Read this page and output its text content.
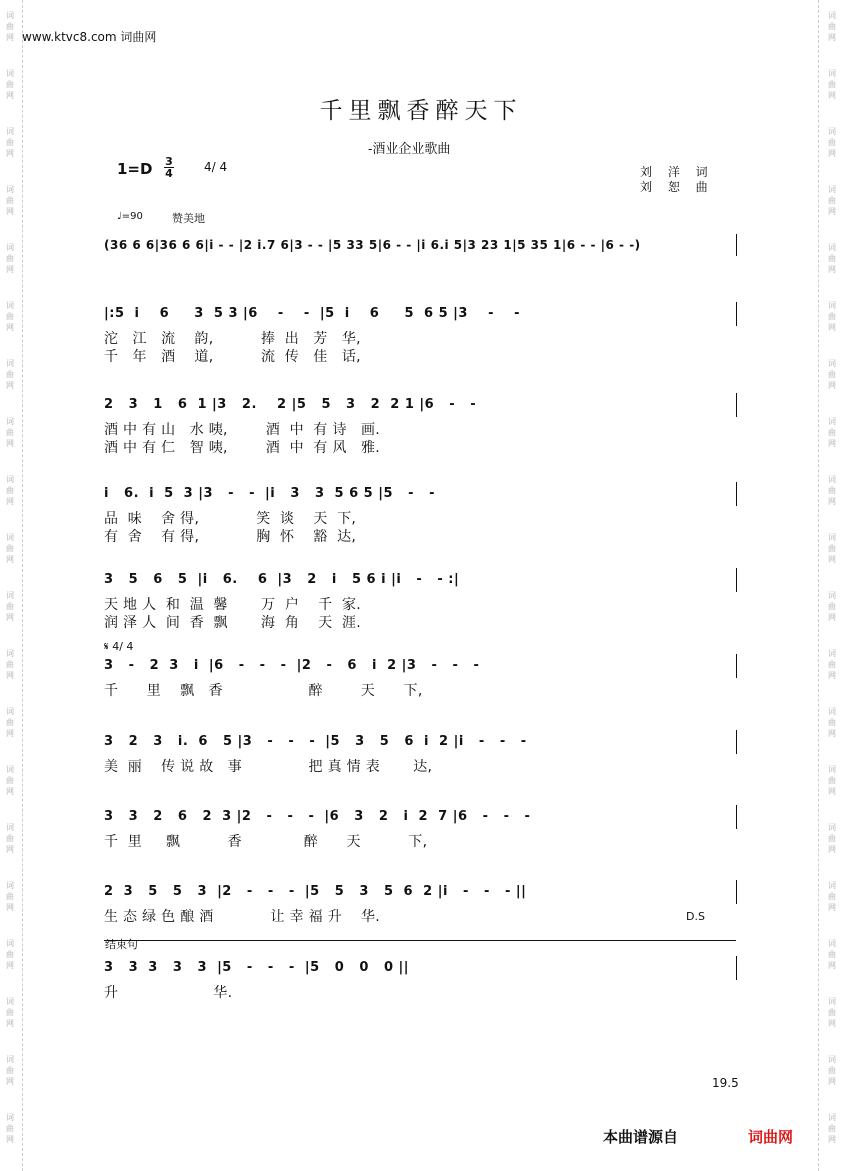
词曲网
词曲网
词曲网
词曲网
词曲网
词曲网
词曲网
词曲网
词曲网
词曲网
词曲网
词曲网
词曲网
词曲网
词曲网
词曲网
词曲网
词曲网
词曲网
词曲网
词曲网
词曲网
词曲网
词曲网
词曲网
词曲网
词曲网
词曲网
词曲网
词曲网
词曲网
词曲网
词曲网
词曲网
词曲网
词曲网
词曲网
词曲网
词曲网
词曲网
www.ktvc8.com 词曲网
千里飘香醉天下
-酒业企业歌曲
$1=D \frac{3}{4}$	4/ 4	刘 洋 词
刘 恕 曲
♩=90	赞美地
(36 6 6|36 6 6|i - - |2 i.7 6|3 - - |5 33 5|6 - - |i 6.i 5|3 23 1|5 35 1|6 - - |6 - -)
|:5  i    6     3  5 3 |6    -    -  |5  i    6     5  6 5 |3    -    -
沱   江   流    韵,          捧  出   芳   华,
千   年   酒    道,          流  传   佳   话,
2   3   1   6  1 |3   2.    2 |5   5   3   2  2 1 |6   -   -
酒 中 有 山   水 咦,        酒  中  有 诗   画.
酒 中 有 仁   智 咦,        酒  中  有 风   雅.
i   6.  i  5  3 |3   -   -  |i   3   3  5 6 5 |5   -   -
品  味    舍 得,            笑  谈    天  下,
有  舍    有 得,            胸  怀    豁  达,
3   5   6   5  |i   6.    6  |3   2   i   5 6 i |i   -   - :|
天 地 人  和  温  馨       万  户    千  家.
润 泽 人  间  香  飘       海  角    天  涯.
3   -   2  3   i  |6   -   -   -  |2   -   6   i  2 |3   -   -   -
千      里    飘   香                  醉        天      下,
3   2   3   i.  6   5 |3   -   -   -  |5   3   5   6  i  2 |i   -   -   -
美  丽    传 说 故   事              把 真 情 表       达,
3   3   2   6   2  3 |2   -   -   -  |6   3   2   i  2  7 |6   -   -   -
千  里     飘          香             醉      天          下,
2  3   5   5   3  |2   -   -   -  |5   5   3   5  6  2 |i   -   -   - ||
生 态 绿 色 酿 酒            让 幸 福 升    华.
3   3  3   3   3  |5   -   -   -  |5   0   0   0 ||
升                    华.
𝄋 4/ 4
D.S
结束句
19.5
本曲谱源自	词曲网
